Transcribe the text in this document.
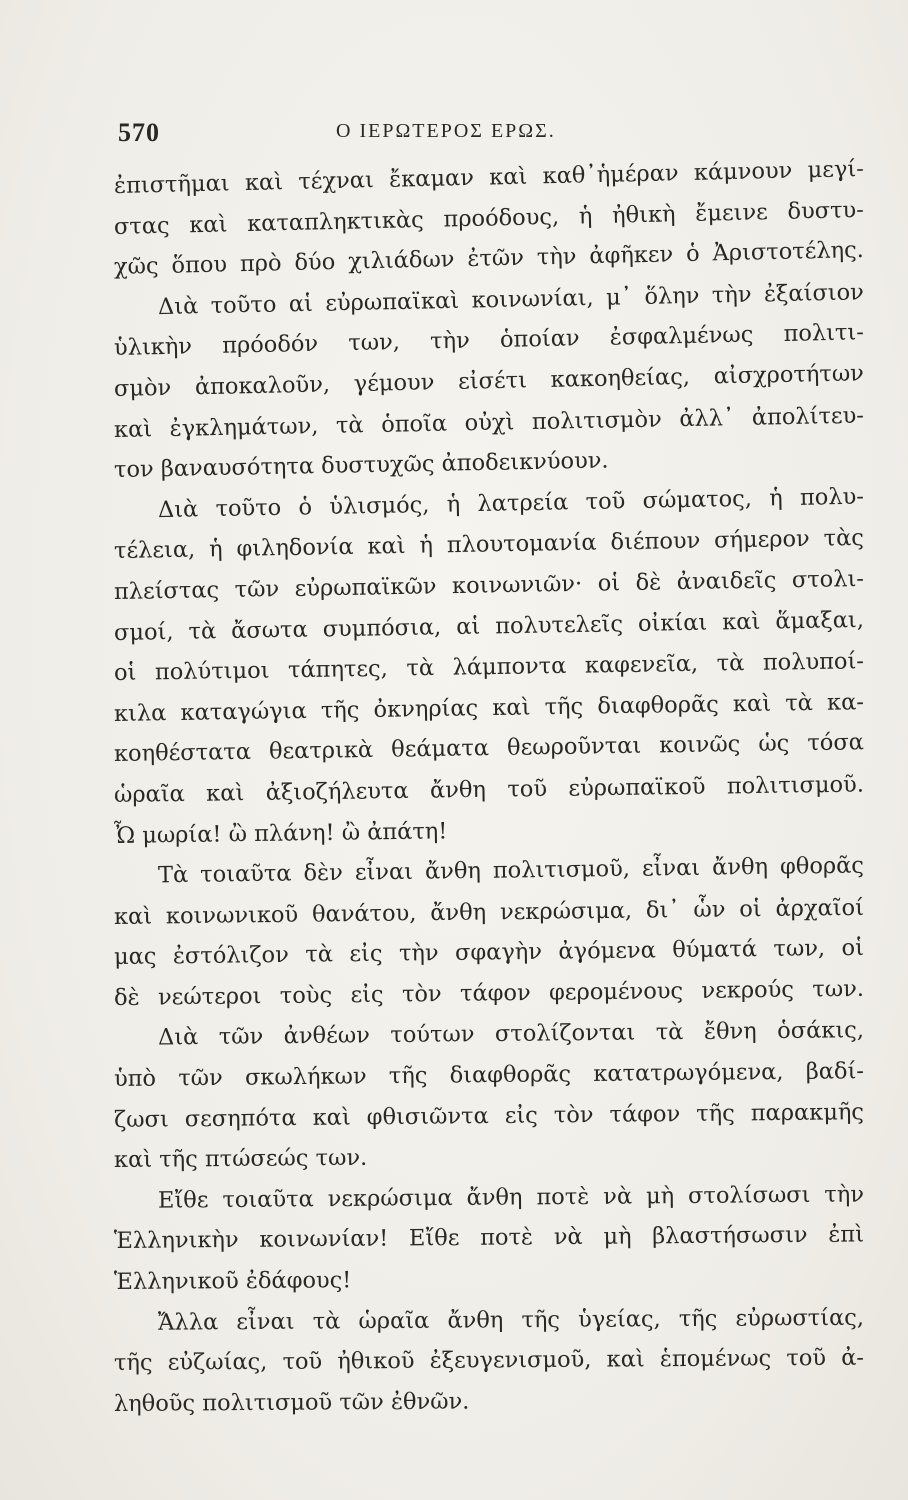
570	Ο ΙΕΡΩΤΕΡΟΣ ΕΡΩΣ.
ἐπιστῆμαι καὶ τέχναι ἔκαμαν καὶ καθ᾽ἡμέραν κάμνουν μεγί-
στας καὶ καταπληκτικὰς προόδους, ἡ ἠθικὴ ἔμεινε δυστυ-
χῶς ὅπου πρὸ δύο χιλιάδων ἐτῶν τὴν ἀφῆκεν ὁ Ἀριστοτέλης.
Διὰ τοῦτο αἱ εὐρωπαϊκαὶ κοινωνίαι, μ᾽ ὅλην τὴν ἐξαίσιον
ὑλικὴν πρόοδόν των, τὴν ὁποίαν ἐσφαλμένως πολιτι-
σμὸν ἀποκαλοῦν, γέμουν εἰσέτι κακοηθείας, αἰσχροτήτων
καὶ ἐγκλημάτων, τὰ ὁποῖα οὐχὶ πολιτισμὸν ἀλλ᾽ ἀπολίτευ-
τον βαναυσότητα δυστυχῶς ἀποδεικνύουν.
Διὰ τοῦτο ὁ ὑλισμός, ἡ λατρεία τοῦ σώματος, ἡ πολυ-
τέλεια, ἡ φιληδονία καὶ ἡ πλουτομανία διέπουν σήμερον τὰς
πλείστας τῶν εὐρωπαϊκῶν κοινωνιῶν· οἱ δὲ ἀναιδεῖς στολι-
σμοί, τὰ ἄσωτα συμπόσια, αἱ πολυτελεῖς οἰκίαι καὶ ἅμαξαι,
οἱ πολύτιμοι τάπητες, τὰ λάμποντα καφενεῖα, τὰ πολυποί-
κιλα καταγώγια τῆς ὀκνηρίας καὶ τῆς διαφθορᾶς καὶ τὰ κα-
κοηθέστατα θεατρικὰ θεάματα θεωροῦνται κοινῶς ὡς τόσα
ὡραῖα καὶ ἀξιοζήλευτα ἄνθη τοῦ εὐρωπαϊκοῦ πολιτισμοῦ.
Ὦ μωρία! ὢ πλάνη! ὢ ἀπάτη!
Τὰ τοιαῦτα δὲν εἶναι ἄνθη πολιτισμοῦ, εἶναι ἄνθη φθορᾶς
καὶ κοινωνικοῦ θανάτου, ἄνθη νεκρώσιμα, δι᾽ ὧν οἱ ἀρχαῖοί
μας ἐστόλιζον τὰ εἰς τὴν σφαγὴν ἀγόμενα θύματά των, οἱ
δὲ νεώτεροι τοὺς εἰς τὸν τάφον φερομένους νεκρούς των.
Διὰ τῶν ἀνθέων τούτων στολίζονται τὰ ἔθνη ὁσάκις,
ὑπὸ τῶν σκωλήκων τῆς διαφθορᾶς κατατρωγόμενα, βαδί-
ζωσι σεσηπότα καὶ φθισιῶντα εἰς τὸν τάφον τῆς παρακμῆς
καὶ τῆς πτώσεώς των.
Εἴθε τοιαῦτα νεκρώσιμα ἄνθη ποτὲ νὰ μὴ στολίσωσι τὴν
Ἑλληνικὴν κοινωνίαν! Εἴθε ποτὲ νὰ μὴ βλαστήσωσιν ἐπὶ
Ἑλληνικοῦ ἐδάφους!
Ἄλλα εἶναι τὰ ὡραῖα ἄνθη τῆς ὑγείας, τῆς εὐρωστίας,
τῆς εὐζωίας, τοῦ ἠθικοῦ ἐξευγενισμοῦ, καὶ ἑπομένως τοῦ ἀ-
ληθοῦς πολιτισμοῦ τῶν ἐθνῶν.
